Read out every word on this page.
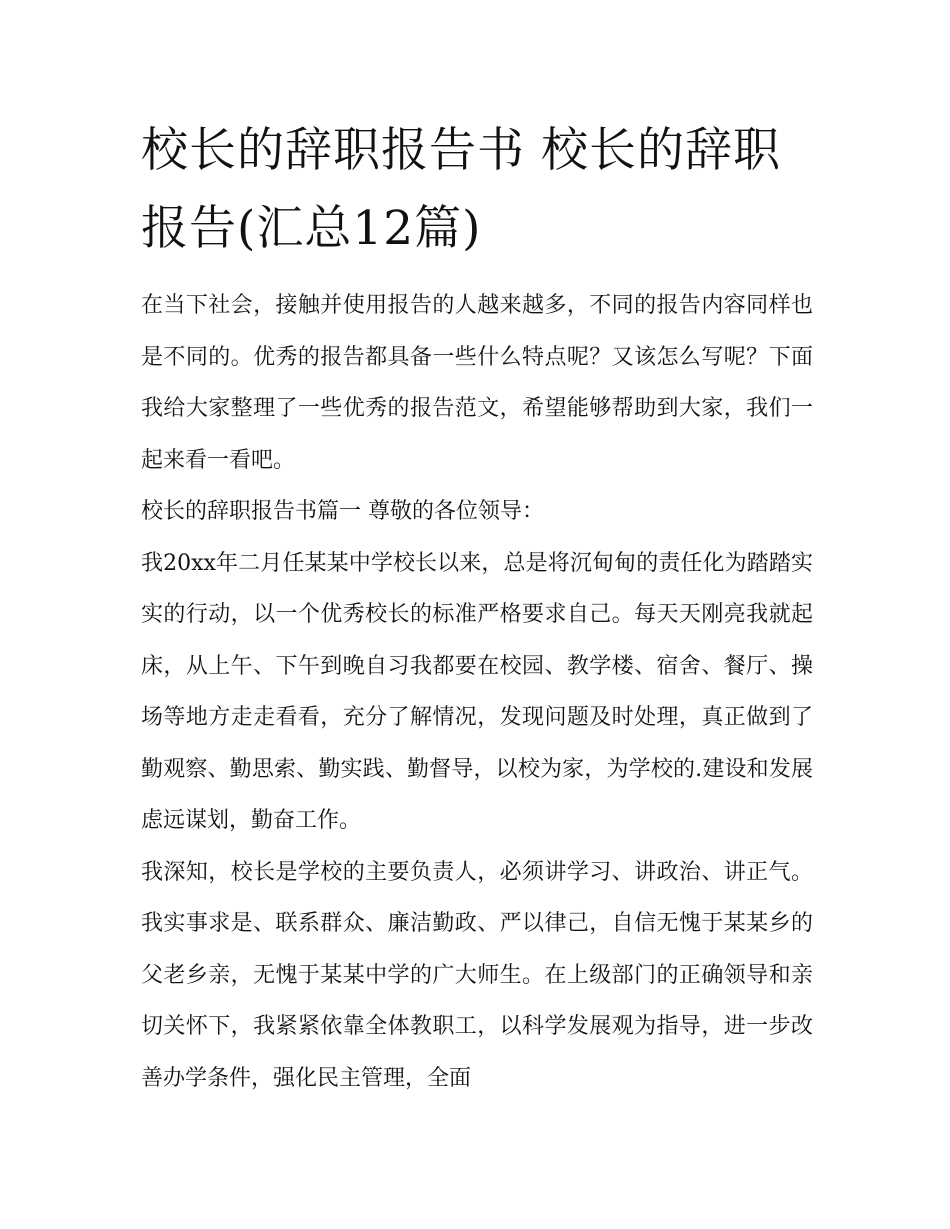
校长的辞职报告书 校长的辞职报告(汇总12篇)

在当下社会，接触并使用报告的人越来越多，不同的报告内容同样也是不同的。优秀的报告都具备一些什么特点呢？又该怎么写呢？下面我给大家整理了一些优秀的报告范文，希望能够帮助到大家，我们一起来看一看吧。

校长的辞职报告书篇一 尊敬的各位领导：

我20xx年二月任某某中学校长以来，总是将沉甸甸的责任化为踏踏实实的行动，以一个优秀校长的标准严格要求自己。每天天刚亮我就起床，从上午、下午到晚自习我都要在校园、教学楼、宿舍、餐厅、操场等地方走走看看，充分了解情况，发现问题及时处理，真正做到了勤观察、勤思索、勤实践、勤督导，以校为家，为学校的.建设和发展虑远谋划，勤奋工作。

我深知，校长是学校的主要负责人，必须讲学习、讲政治、讲正气。我实事求是、联系群众、廉洁勤政、严以律己，自信无愧于某某乡的父老乡亲，无愧于某某中学的广大师生。在上级部门的正确领导和亲切关怀下，我紧紧依靠全体教职工，以科学发展观为指导，进一步改善办学条件，强化民主管理，全面
